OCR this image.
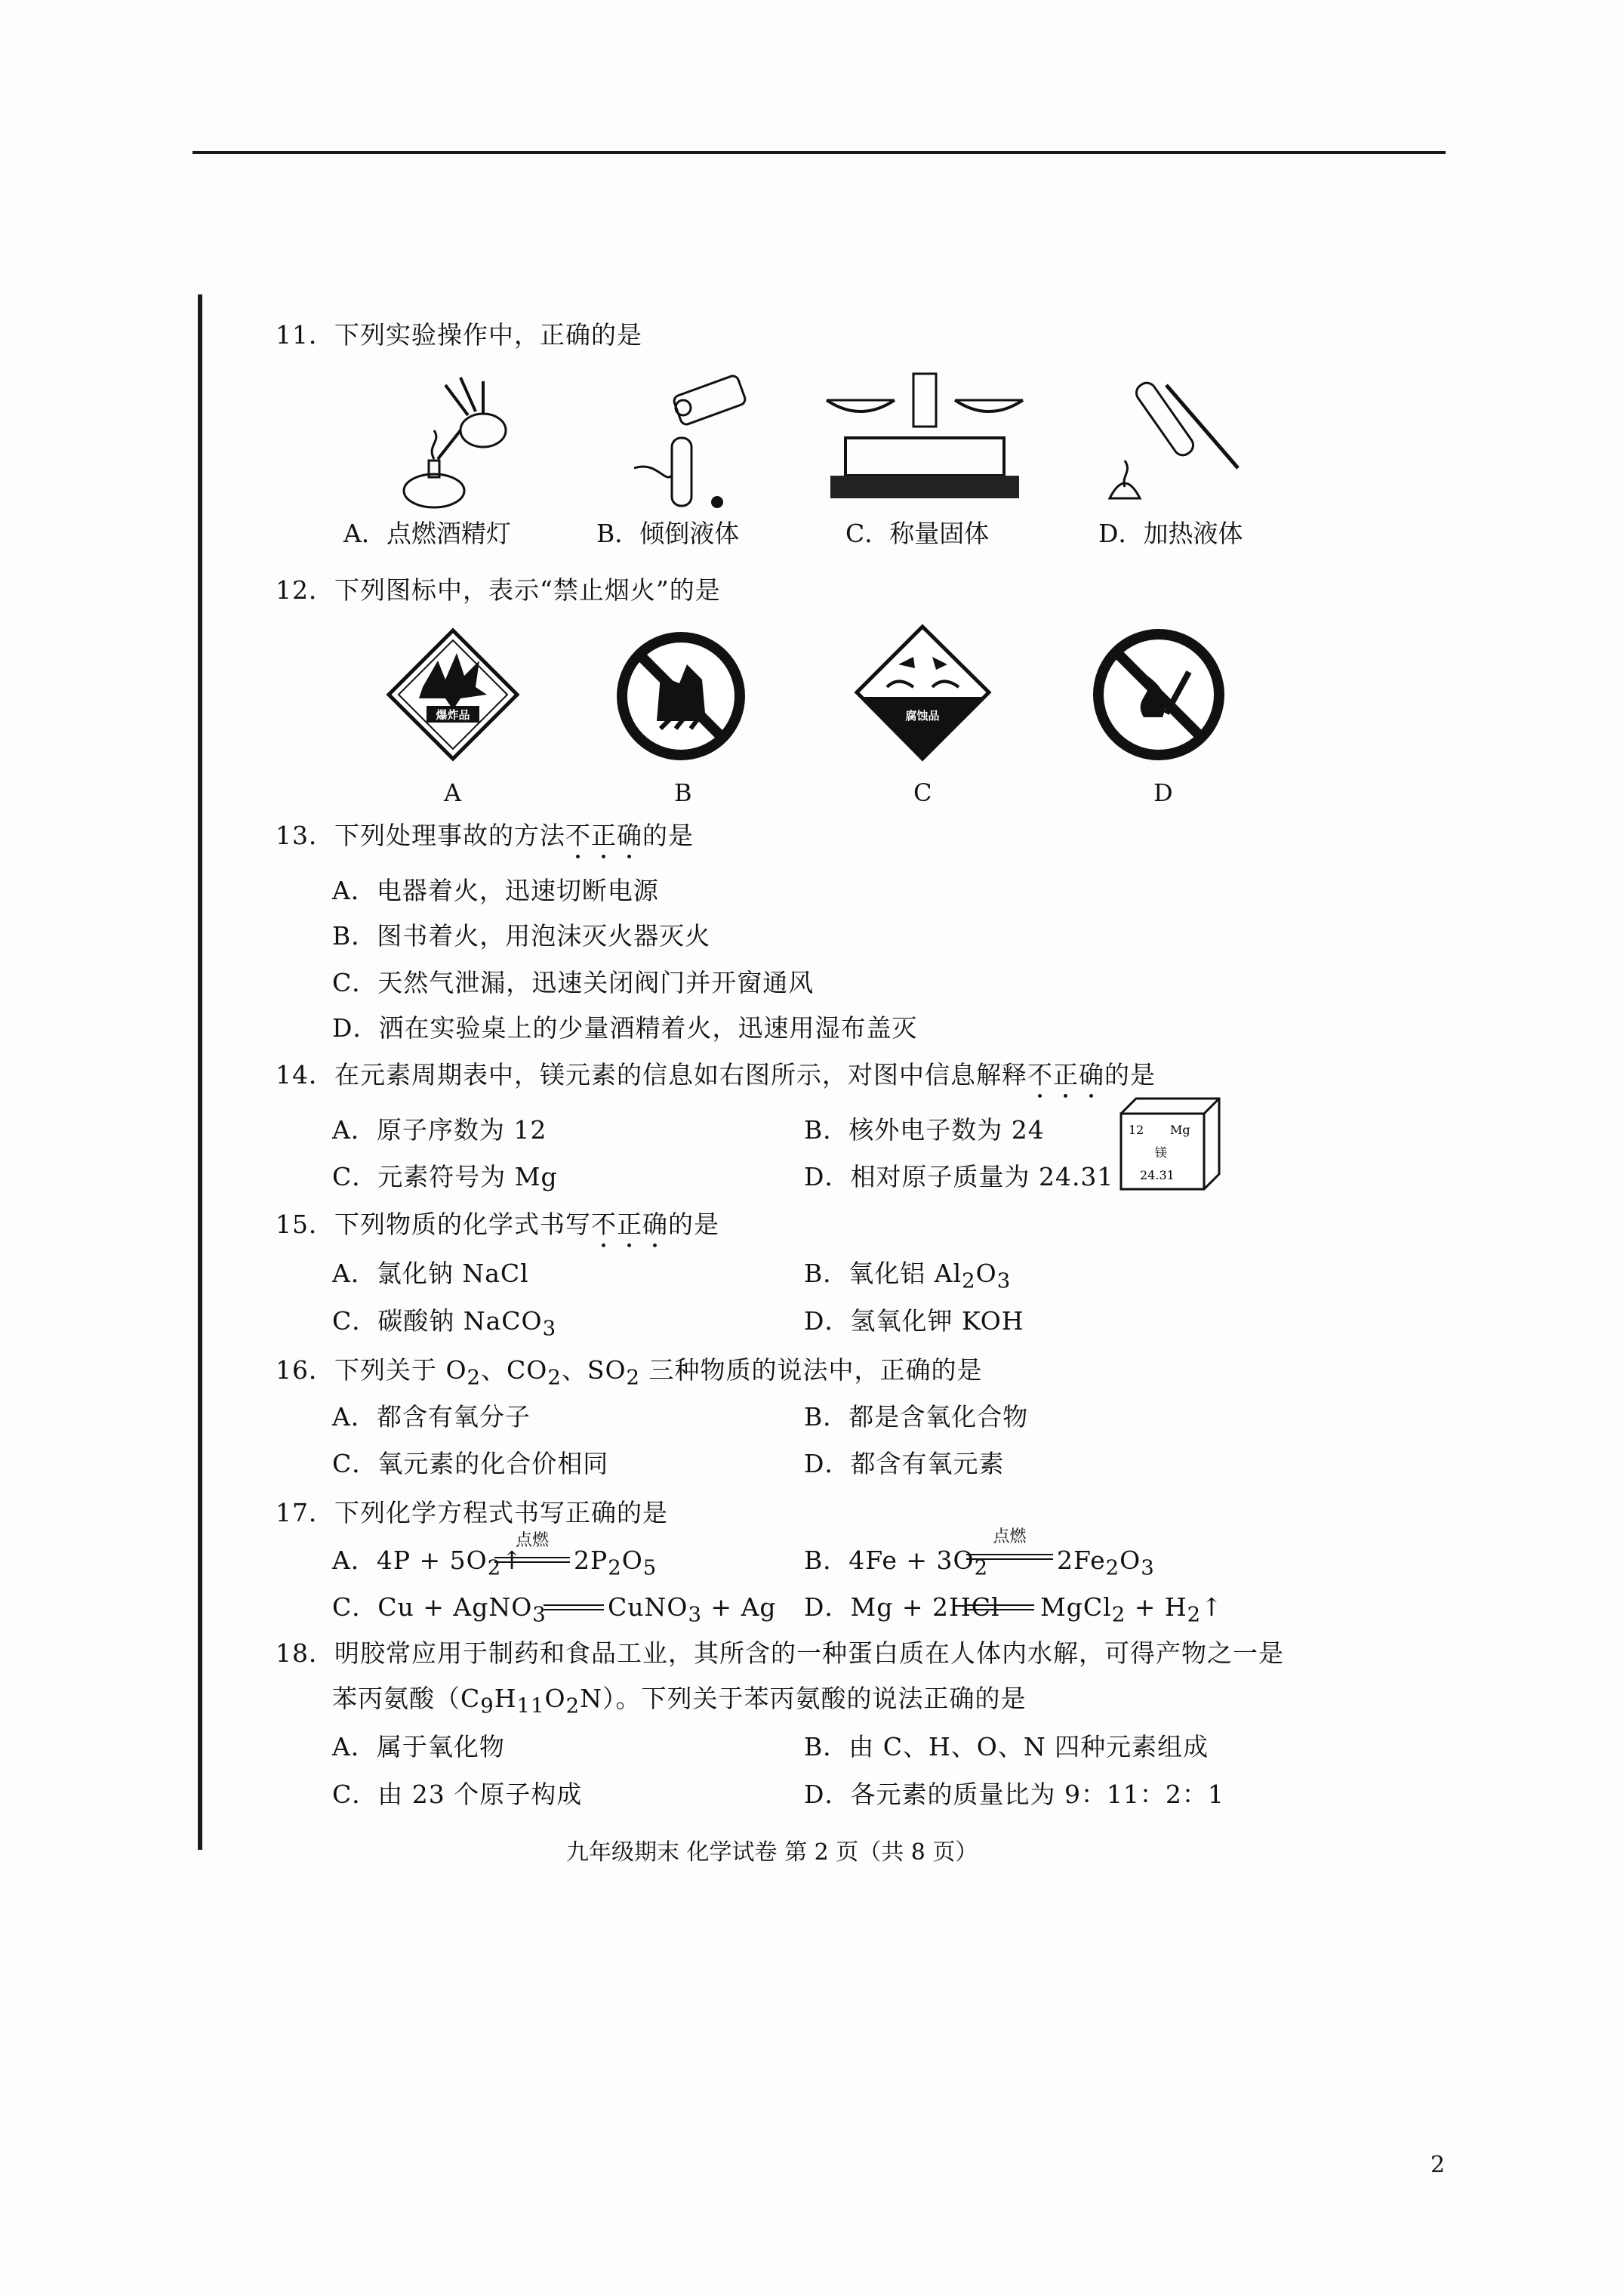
11．下列实验操作中，正确的是
A．点燃酒精灯	B．倾倒液体	C．称量固体	D．加热液体
12．下列图标中，表示“禁止烟火”的是
爆炸品	腐蚀品
A	B	C	D
13．下列处理事故的方法不正确的是
A．电器着火，迅速切断电源
B．图书着火，用泡沫灭火器灭火
C．天然气泄漏，迅速关闭阀门并开窗通风
D．洒在实验桌上的少量酒精着火，迅速用湿布盖灭
14．在元素周期表中，镁元素的信息如右图所示，对图中信息解释不正确的是
A．原子序数为 12	B．核外电子数为 24
C．元素符号为 Mg	D．相对原子质量为 24.31
12 Mg
镁
24.31
15．下列物质的化学式书写不正确的是
A．氯化钠 NaCl	B．氧化铝 $Al_2O_3$
C．碳酸钠 NaCO$_3$	D．氢氧化钾 KOH
16．下列关于 $O_2$、$CO_2$、$SO_2$ 三种物质的说法中，正确的是
A．都含有氧分子	B．都是含氧化合物
C．氧元素的化合价相同	D．都含有氧元素
17．下列化学方程式书写正确的是
A．$4P + 5O_2↑$
点燃
$2P_2O_5$	B．$4Fe + 3O_2$
点燃
$2Fe_2O_3$
C．Cu + AgNO$_3$ CuNO$_3$ + Ag D．Mg + 2HCl MgCl$_2$ + $H_2↑$
18．明胶常应用于制药和食品工业，其所含的一种蛋白质在人体内水解，可得产物之一是
苯丙氨酸$(C_9H_{11}O_2N)$。下列关于苯丙氨酸的说法正确的是
A．属于氧化物	B．由 C、H、O、N 四种元素组成
C．由 23 个原子构成	D．各元素的质量比为 9：11：2：1
九年级期末 化学试卷 第 2 页（共 8 页）
2
